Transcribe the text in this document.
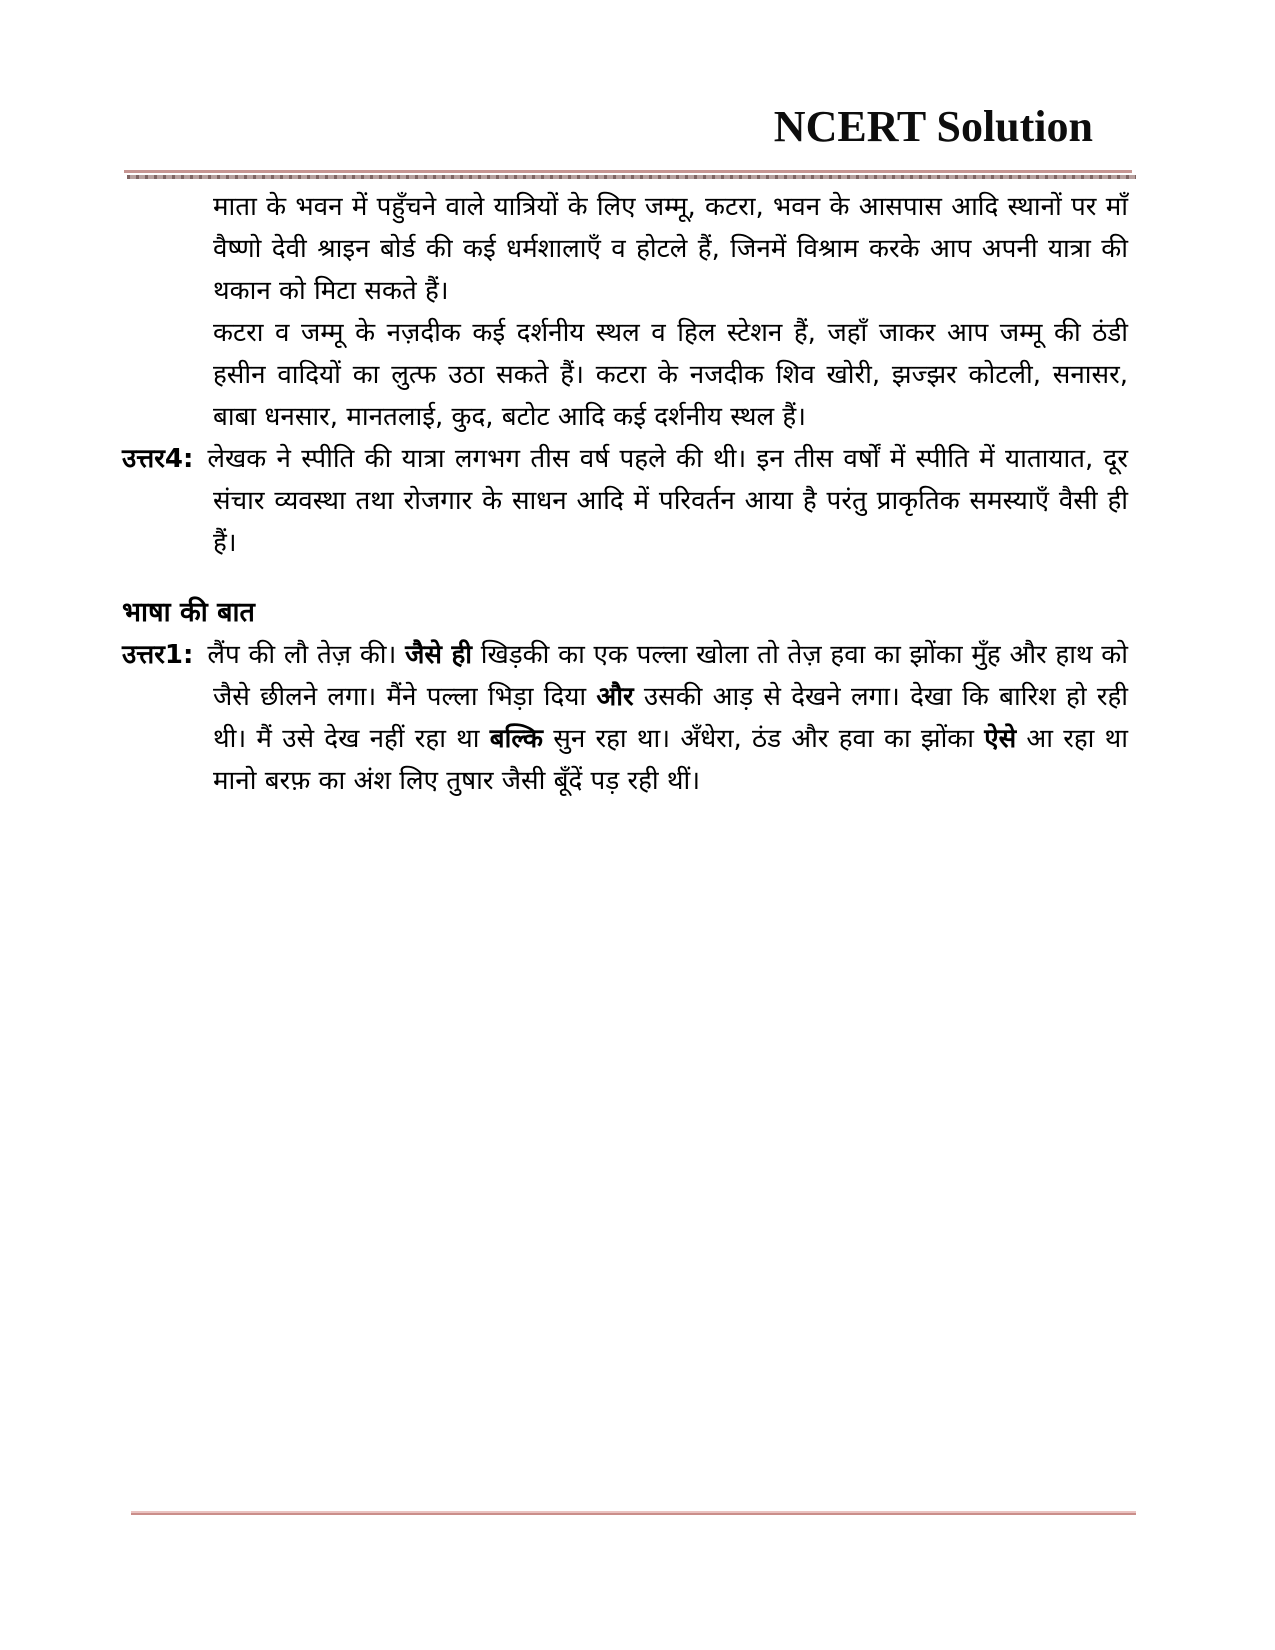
NCERT Solution

माता के भवन में पहुँचने वाले यात्रियों के लिए जम्मू, कटरा, भवन के आसपास आदि स्थानों पर माँ वैष्णो देवी श्राइन बोर्ड की कई धर्मशालाएँ व होटले हैं, जिनमें विश्राम करके आप अपनी यात्रा की थकान को मिटा सकते हैं।

कटरा व जम्मू के नज़दीक कई दर्शनीय स्थल व हिल स्टेशन हैं, जहाँ जाकर आप जम्मू की ठंडी हसीन वादियों का लुत्फ उठा सकते हैं। कटरा के नजदीक शिव खोरी, झज्झर कोटली, सनासर, बाबा धनसार, मानतलाई, कुद, बटोट आदि कई दर्शनीय स्थल हैं।

उत्तर4: लेखक ने स्पीति की यात्रा लगभग तीस वर्ष पहले की थी। इन तीस वर्षों में स्पीति में यातायात, दूर संचार व्यवस्था तथा रोजगार के साधन आदि में परिवर्तन आया है परंतु प्राकृतिक समस्याएँ वैसी ही हैं।

भाषा की बात

उत्तर1: लैंप की लौ तेज़ की। जैसे ही खिड़की का एक पल्ला खोला तो तेज़ हवा का झोंका मुँह और हाथ को जैसे छीलने लगा। मैंने पल्ला भिड़ा दिया और उसकी आड़ से देखने लगा। देखा कि बारिश हो रही थी। मैं उसे देख नहीं रहा था बल्कि सुन रहा था। अँधेरा, ठंड और हवा का झोंका ऐसे आ रहा था मानो बरफ़ का अंश लिए तुषार जैसी बूँदें पड़ रही थीं।
